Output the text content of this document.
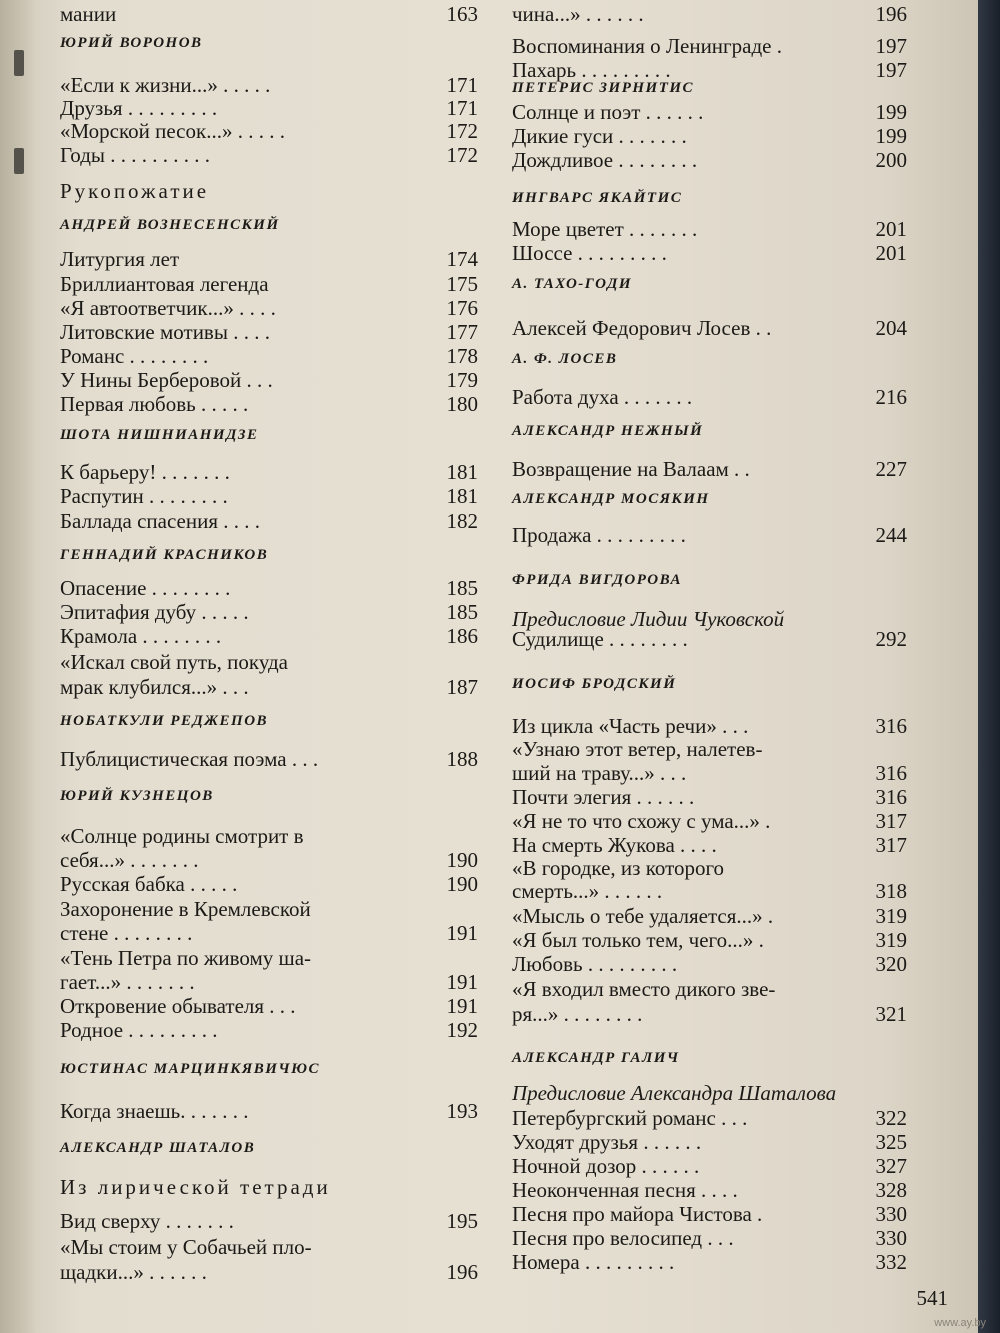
мании	163
ЮРИЙ ВОРОНОВ
«Если к жизни...» . . . . .	171
Друзья . . . . . . . . .	171
«Морской песок...» . . . . .	172
Годы . . . . . . . . . .	172
Рукопожатие
АНДРЕЙ ВОЗНЕСЕНСКИЙ
Литургия лет	174
Бриллиантовая легенда	175
«Я автоответчик...» . . . .	176
Литовские мотивы . . . .	177
Романс . . . . . . . .	178
У Нины Берберовой . . .	179
Первая любовь . . . . .	180
ШОТА НИШНИАНИДЗЕ
К барьеру! . . . . . . .	181
Распутин . . . . . . . .	181
Баллада спасения . . . .	182
ГЕННАДИЙ КРАСНИКОВ
Опасение . . . . . . . .	185
Эпитафия дубу . . . . .	185
Крамола . . . . . . . .	186
«Искал свой путь, покуда
мрак клубился...» . . .	187
НОБАТКУЛИ РЕДЖЕПОВ
Публицистическая поэма . . .	188
ЮРИЙ КУЗНЕЦОВ
«Солнце родины смотрит в
себя...» . . . . . . .	190
Русская бабка . . . . .	190
Захоронение в Кремлевской
стене . . . . . . . .	191
«Тень Петра по живому ша-
гает...» . . . . . . .	191
Откровение обывателя . . .	191
Родное . . . . . . . . .	192
ЮСТИНАС МАРЦИНКЯВИЧЮС
Когда знаешь. . . . . . .	193
АЛЕКСАНДР ШАТАЛОВ
Из лирической тетради
Вид сверху . . . . . . .	195
«Мы стоим у Собачьей пло-
щадки...» . . . . . .	196
чина...» . . . . . .	196
Воспоминания о Ленинграде .	197
Пахарь . . . . . . . . .	197
ПЕТЕРИС ЗИРНИТИС
Солнце и поэт . . . . . .	199
Дикие гуси . . . . . . .	199
Дождливое . . . . . . . .	200
ИНГВАРС ЯКАЙТИС
Море цветет . . . . . . .	201
Шоссе . . . . . . . . .	201
А. ТАХО-ГОДИ
Алексей Федорович Лосев . .	204
А. Ф. ЛОСЕВ
Работа духа . . . . . . .	216
АЛЕКСАНДР НЕЖНЫЙ
Возвращение на Валаам . .	227
АЛЕКСАНДР МОСЯКИН
Продажа . . . . . . . . .	244
ФРИДА ВИГДОРОВА
Предисловие Лидии Чуковской
Судилище . . . . . . . .	292
ИОСИФ БРОДСКИЙ
Из цикла «Часть речи» . . .	316
«Узнаю этот ветер, налетев-
ший на траву...» . . .	316
Почти элегия . . . . . .	316
«Я не то что схожу с ума...» .	317
На смерть Жукова . . . .	317
«В городке, из которого
смерть...» . . . . . .	318
«Мысль о тебе удаляется...» .	319
«Я был только тем, чего...» .	319
Любовь . . . . . . . . .	320
«Я входил вместо дикого зве-
ря...» . . . . . . . .	321
АЛЕКСАНДР ГАЛИЧ
Предисловие Александра Шаталова
Петербургский романс . . .	322
Уходят друзья . . . . . .	325
Ночной дозор . . . . . .	327
Неоконченная песня . . . .	328
Песня про майора Чистова .	330
Песня про велосипед . . .	330
Номера . . . . . . . . .	332
541
www.ay.by
